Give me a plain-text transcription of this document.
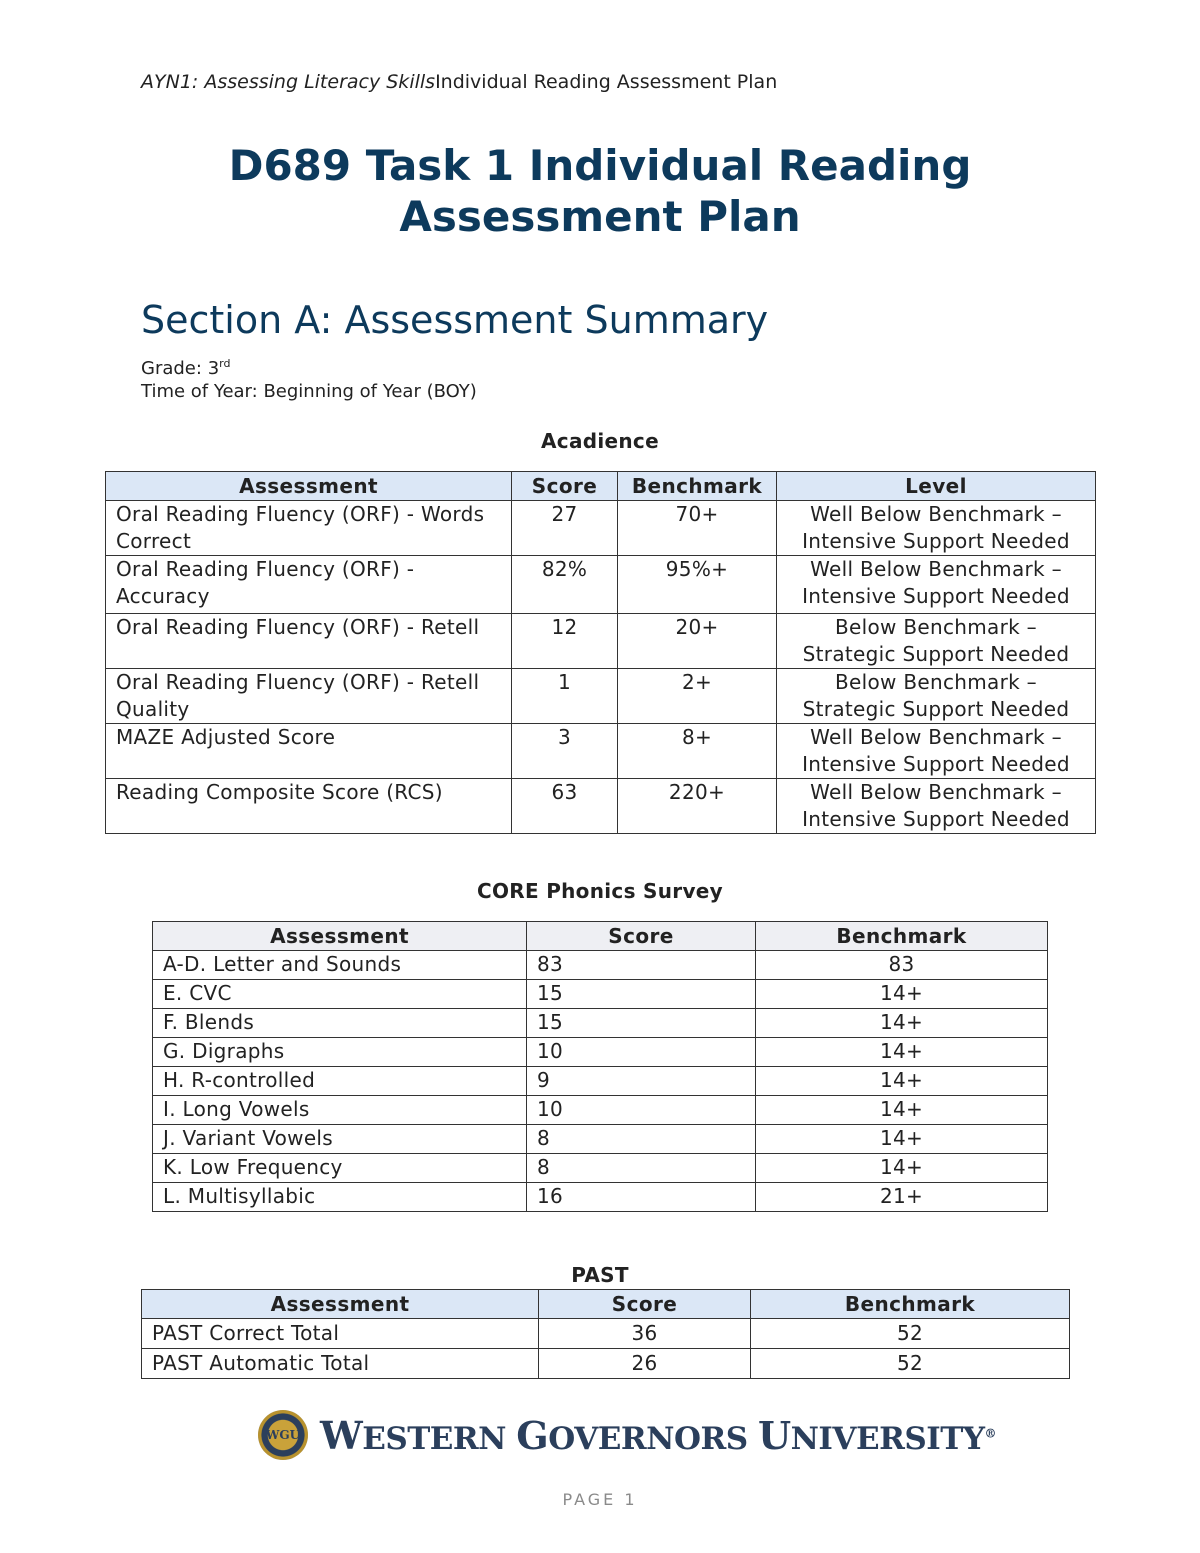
AYN1: Assessing Literacy SkillsIndividual Reading Assessment Plan
D689 Task 1 Individual Reading
Assessment Plan
Section A: Assessment Summary
Grade: 3rd
Time of Year: Beginning of Year (BOY)
Acadience
Assessment	Score	Benchmark	Level
Oral Reading Fluency (ORF) - Words Correct	27	70+	Well Below Benchmark – Intensive Support Needed
Oral Reading Fluency (ORF) - Accuracy	82%	95%+	Well Below Benchmark – Intensive Support Needed
Oral Reading Fluency (ORF) - Retell	12	20+	Below Benchmark – Strategic Support Needed
Oral Reading Fluency (ORF) - Retell Quality	1	2+	Below Benchmark – Strategic Support Needed
MAZE Adjusted Score	3	8+	Well Below Benchmark – Intensive Support Needed
Reading Composite Score (RCS)	63	220+	Well Below Benchmark – Intensive Support Needed
CORE Phonics Survey
Assessment	Score	Benchmark
A-D. Letter and Sounds	83	83
E. CVC	15	14+
F. Blends	15	14+
G. Digraphs	10	14+
H. R-controlled	9	14+
I. Long Vowels	10	14+
J. Variant Vowels	8	14+
K. Low Frequency	8	14+
L. Multisyllabic	16	21+
PAST
Assessment	Score	Benchmark
PAST Correct Total	36	52
PAST Automatic Total	26	52
WGU WESTERN GOVERNORS UNIVERSITY®
PAGE 1
